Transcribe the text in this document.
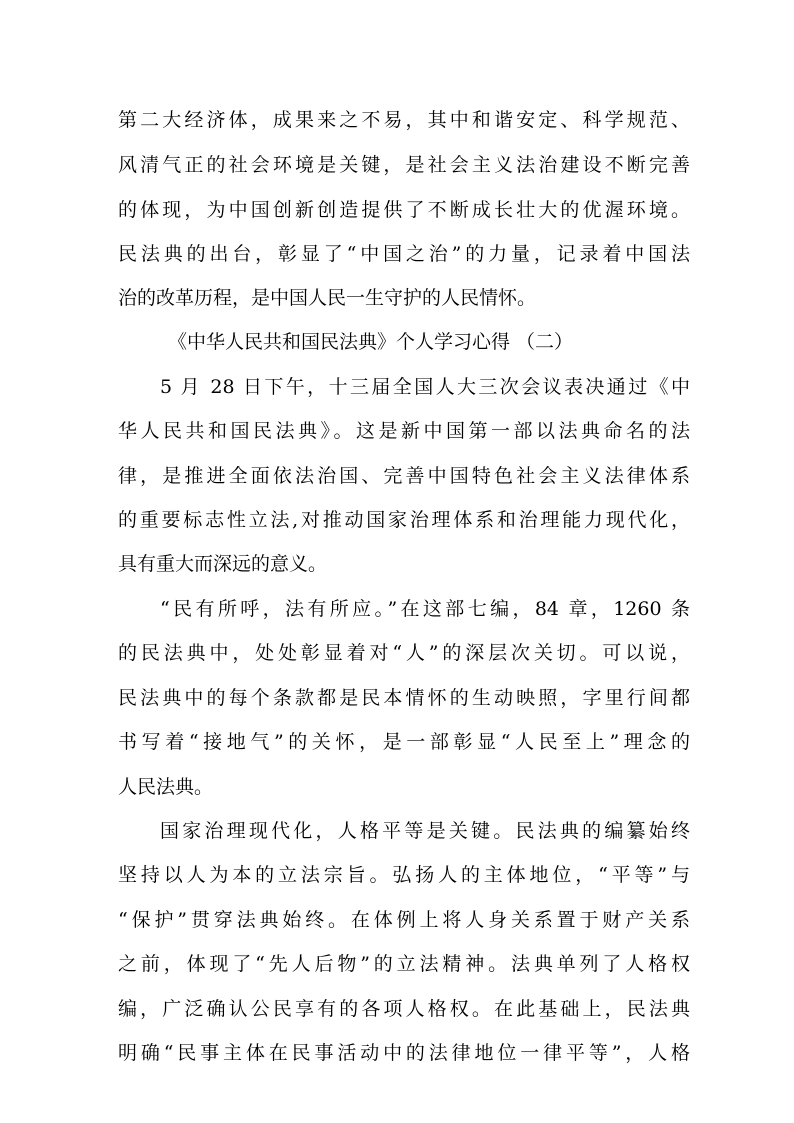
第二大经济体，成果来之不易，其中和谐安定、科学规范、
风清气正的社会环境是关键，是社会主义法治建设不断完善
的体现，为中国创新创造提供了不断成长壮大的优渥环境。
民法典的出台，彰显了“中国之治”的力量，记录着中国法
治的改革历程，是中国人民一生守护的人民情怀。
《中华人民共和国民法典》个人学习心得 （二）
5 月 28 日下午，十三届全国人大三次会议表决通过《中
华人民共和国民法典》。这是新中国第一部以法典命名的法
律，是推进全面依法治国、完善中国特色社会主义法律体系
的重要标志性立法,对推动国家治理体系和治理能力现代化，
具有重大而深远的意义。
“民有所呼，法有所应。”在这部七编，84 章，1260 条
的民法典中，处处彰显着对“人”的深层次关切。可以说，
民法典中的每个条款都是民本情怀的生动映照，字里行间都
书写着“接地气”的关怀，是一部彰显“人民至上”理念的
人民法典。
国家治理现代化，人格平等是关键。民法典的编纂始终
坚持以人为本的立法宗旨。弘扬人的主体地位，“平等”与
“保护”贯穿法典始终。在体例上将人身关系置于财产关系
之前，体现了“先人后物”的立法精神。法典单列了人格权
编，广泛确认公民享有的各项人格权。在此基础上，民法典
明确“民事主体在民事活动中的法律地位一律平等”，人格
